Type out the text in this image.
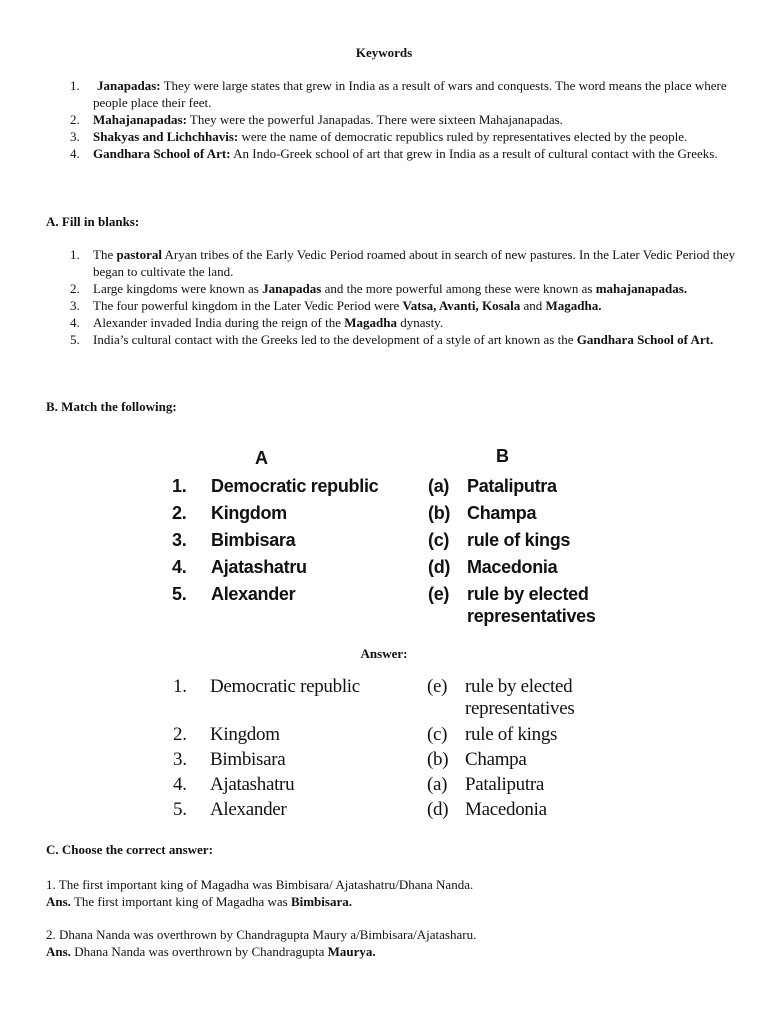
Keywords
1. Janapadas: They were large states that grew in India as a result of wars and conquests. The word means the place where people place their feet.
2. Mahajanapadas: They were the powerful Janapadas. There were sixteen Mahajanapadas.
3. Shakyas and Lichchhavis: were the name of democratic republics ruled by representatives elected by the people.
4. Gandhara School of Art: An Indo-Greek school of art that grew in India as a result of cultural contact with the Greeks.
A. Fill in blanks:
1. The pastoral Aryan tribes of the Early Vedic Period roamed about in search of new pastures. In the Later Vedic Period they began to cultivate the land.
2. Large kingdoms were known as Janapadas and the more powerful among these were known as mahajanapadas.
3. The four powerful kingdom in the Later Vedic Period were Vatsa, Avanti, Kosala and Magadha.
4. Alexander invaded India during the reign of the Magadha dynasty.
5. India’s cultural contact with the Greeks led to the development of a style of art known as the Gandhara School of Art.
B. Match the following:
A	B
1. Democratic republic	(a) Pataliputra
2. Kingdom	(b) Champa
3. Bimbisara	(c) rule of kings
4. Ajatashatru	(d) Macedonia
5. Alexander	(e) rule by elected
representatives
Answer:
1. Democratic republic	(e) rule by elected
representatives
2. Kingdom	(c) rule of kings
3. Bimbisara	(b) Champa
4. Ajatashatru	(a) Pataliputra
5. Alexander	(d) Macedonia
C. Choose the correct answer:
1. The first important king of Magadha was Bimbisara/ Ajatashatru/Dhana Nanda.
Ans. The first important king of Magadha was Bimbisara.
2. Dhana Nanda was overthrown by Chandragupta Maury a/Bimbisara/Ajatasharu.
Ans. Dhana Nanda was overthrown by Chandragupta Maurya.
